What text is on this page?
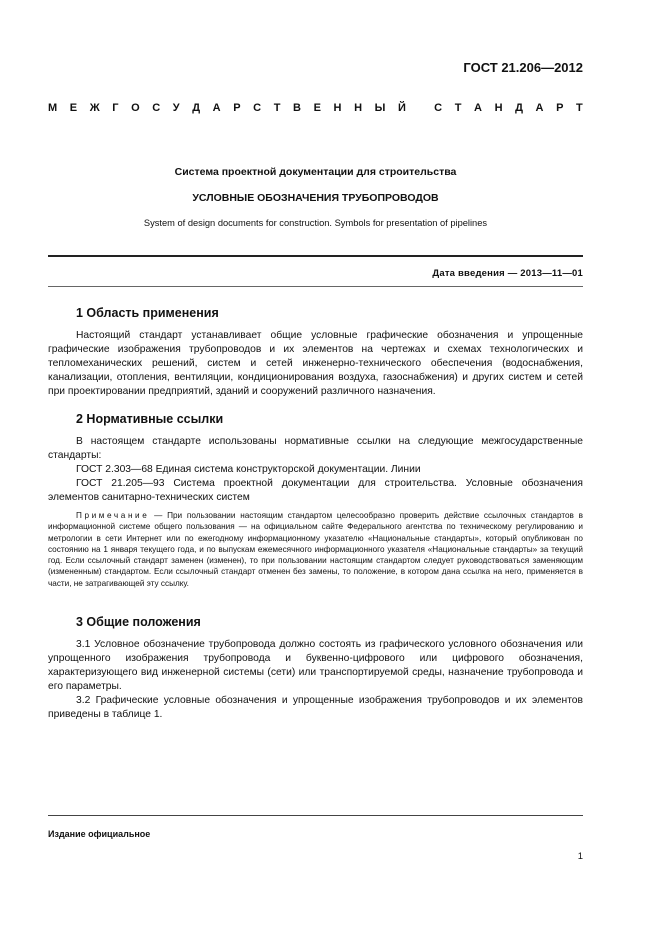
ГОСТ 21.206—2012
М Е Ж Г О С У Д А Р С Т В Е Н Н Ы Й
	С Т А Н Д А Р Т
Система проектной документации для строительства
УСЛОВНЫЕ ОБОЗНАЧЕНИЯ ТРУБОПРОВОДОВ
System of design documents for construction. Symbols for presentation of pipelines
Дата введения — 2013—11—01
1 Область применения

Настоящий стандарт устанавливает общие условные графические обозначения и упрощенные графические изображения трубопроводов и их элементов на чертежах и схемах технологических и тепломеханических решений, систем и сетей инженерно-технического обеспечения (водоснабжения, канализации, отопления, вентиляции, кондиционирования воздуха, газоснабжения) и других систем и сетей при проектировании предприятий, зданий и сооружений различного назначения.

2 Нормативные ссылки

В настоящем стандарте использованы нормативные ссылки на следующие межгосударственные стандарты:

ГОСТ 2.303—68 Единая система конструкторской документации. Линии

ГОСТ 21.205—93 Система проектной документации для строительства. Условные обозначения элементов санитарно-технических систем

Примечание — При пользовании настоящим стандартом целесообразно проверить действие ссылочных стандартов в информационной системе общего пользования — на официальном сайте Федерального агентства по техническому регулированию и метрологии в сети Интернет или по ежегодному информационному указателю «Национальные стандарты», который опубликован по состоянию на 1 января текущего года, и по выпускам ежемесячного информационного указателя «Национальные стандарты» за текущий год. Если ссылочный стандарт заменен (изменен), то при пользовании настоящим стандартом следует руководствоваться заменяющим (измененным) стандартом. Если ссылочный стандарт отменен без замены, то положение, в котором дана ссылка на него, применяется в части, не затрагивающей эту ссылку.

3 Общие положения

3.1 Условное обозначение трубопровода должно состоять из графического условного обозначения или упрощенного изображения трубопровода и буквенно-цифрового или цифрового обозначения, характеризующего вид инженерной системы (сети) или транспортируемой среды, назначение трубопровода и его параметры.

3.2 Графические условные обозначения и упрощенные изображения трубопроводов и их элементов приведены в таблице 1.

Издание официальное
1
